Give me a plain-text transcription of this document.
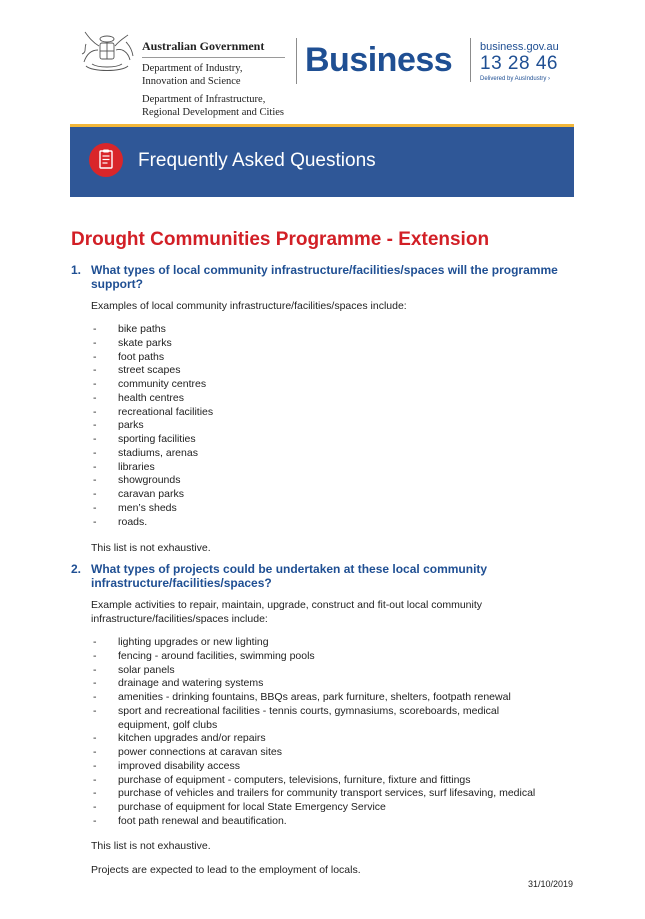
Australian Government
Department of Industry,
Innovation and Science
Department of Infrastructure,
Regional Development and Cities
Business	business.gov.au
13 28 46
Delivered by AusIndustry ›
Frequently Asked Questions
Drought Communities Programme - Extension
1. What types of local community infrastructure/facilities/spaces will the programme
support?
Examples of local community infrastructure/facilities/spaces include:
- bike paths
- skate parks
- foot paths
- street scapes
- community centres
- health centres
- recreational facilities
- parks
- sporting facilities
- stadiums, arenas
- libraries
- showgrounds
- caravan parks
- men’s sheds
- roads.
This list is not exhaustive.
2. What types of projects could be undertaken at these local community
infrastructure/facilities/spaces?
Example activities to repair, maintain, upgrade, construct and fit-out local community
infrastructure/facilities/spaces include:
- lighting upgrades or new lighting
- fencing - around facilities, swimming pools
- solar panels
- drainage and watering systems
- amenities - drinking fountains, BBQs areas, park furniture, shelters, footpath renewal
- sport and recreational facilities - tennis courts, gymnasiums, scoreboards, medical
equipment, golf clubs
- kitchen upgrades and/or repairs
- power connections at caravan sites
- improved disability access
- purchase of equipment - computers, televisions, furniture, fixture and fittings
- purchase of vehicles and trailers for community transport services, surf lifesaving, medical
- purchase of equipment for local State Emergency Service
- foot path renewal and beautification.
This list is not exhaustive.
Projects are expected to lead to the employment of locals.
31/10/2019
